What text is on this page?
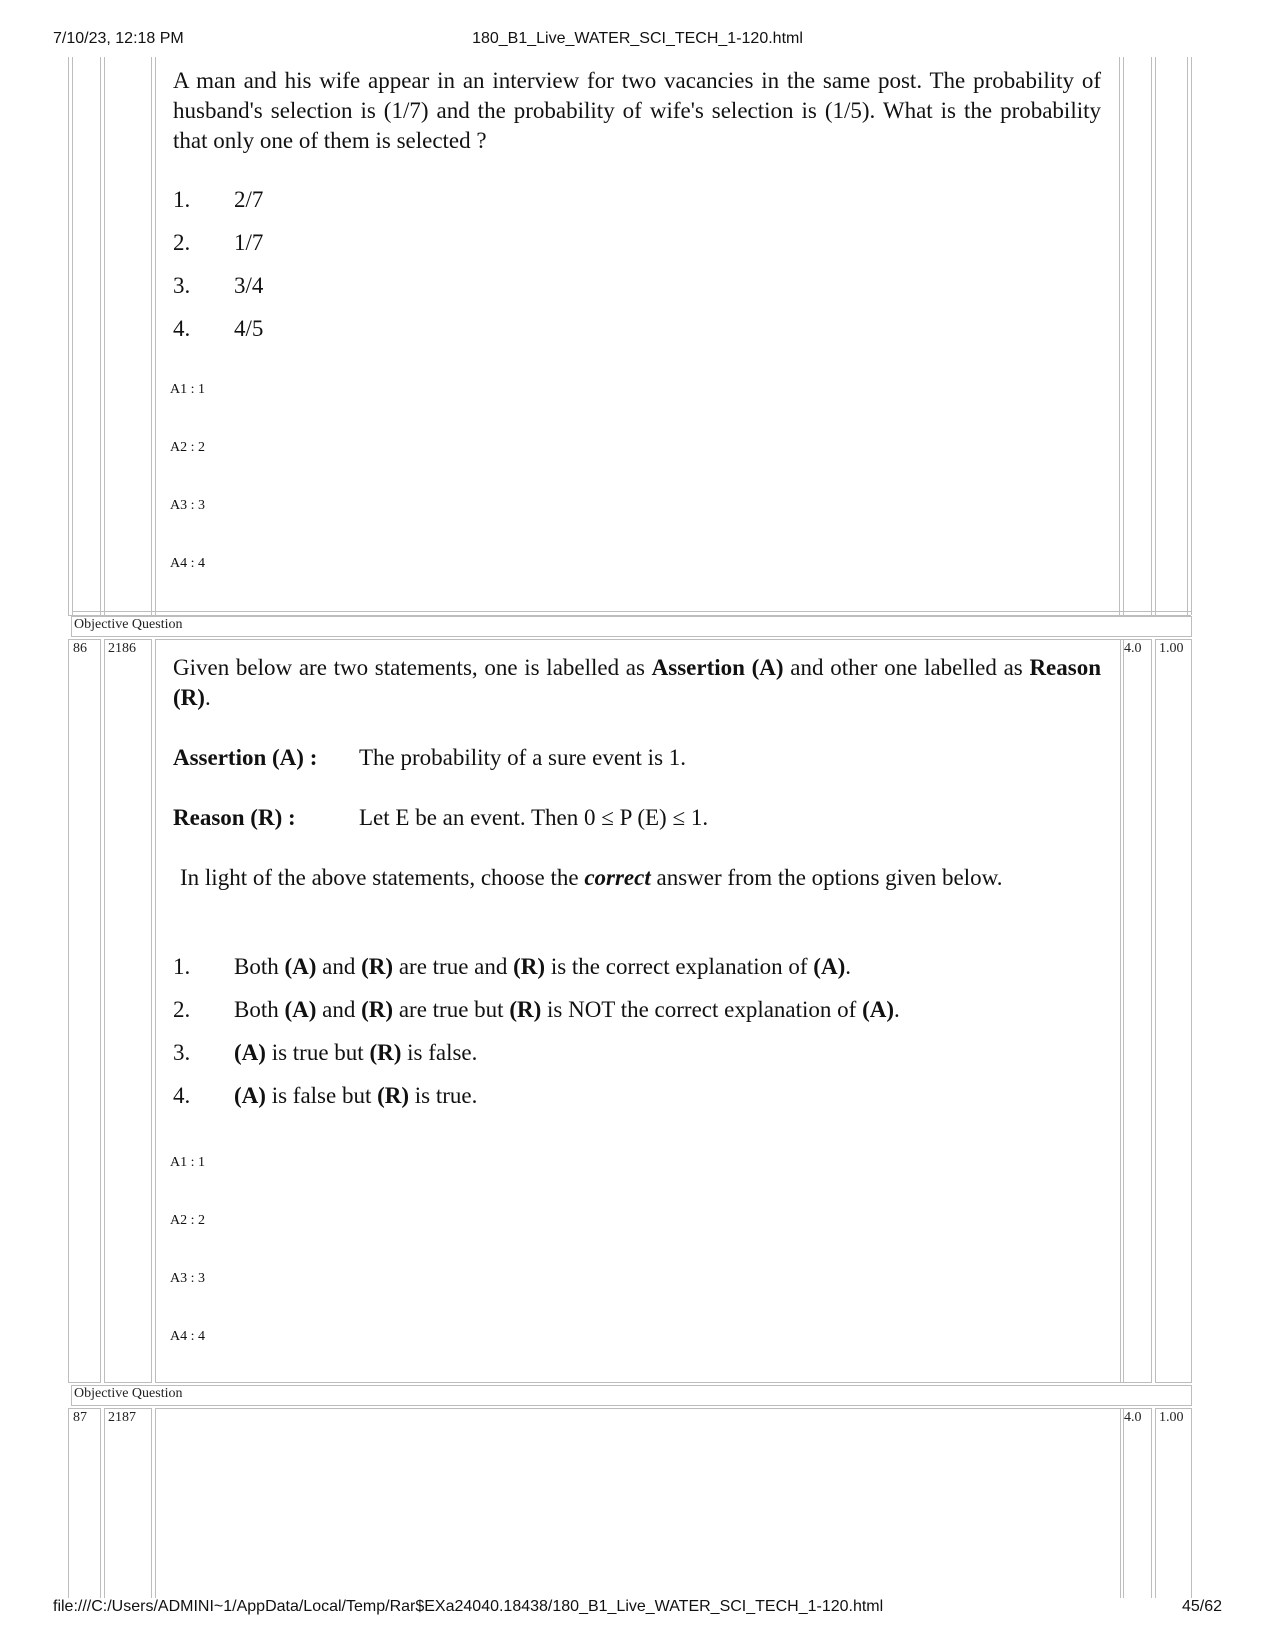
7/10/23, 12:18 PM	180_B1_Live_WATER_SCI_TECH_1-120.html
A man and his wife appear in an interview for two vacancies in the same post. The probability of husband's selection is (1/7) and the probability of wife's selection is (1/5). What is the probability that only one of them is selected ?
1. 2/7
2. 1/7
3. 3/4
4. 4/5
A1 : 1
A2 : 2
A3 : 3
A4 : 4
Objective Question
86 2186	4.0 1.00
Given below are two statements, one is labelled as Assertion (A) and other one labelled as Reason (R).
Assertion (A) : The probability of a sure event is 1.
Reason (R) :	Let E be an event. Then 0 ≤ P (E) ≤ 1.
In light of the above statements, choose the correct answer from the options given below.
1. Both (A) and (R) are true and (R) is the correct explanation of (A).
2. Both (A) and (R) are true but (R) is NOT the correct explanation of (A).
3. (A) is true but (R) is false.
4. (A) is false but (R) is true.
A1 : 1
A2 : 2
A3 : 3
A4 : 4
Objective Question
87 2187	4.0 1.00
file:///C:/Users/ADMINI~1/AppData/Local/Temp/Rar$EXa24040.18438/180_B1_Live_WATER_SCI_TECH_1-120.html	45/62
